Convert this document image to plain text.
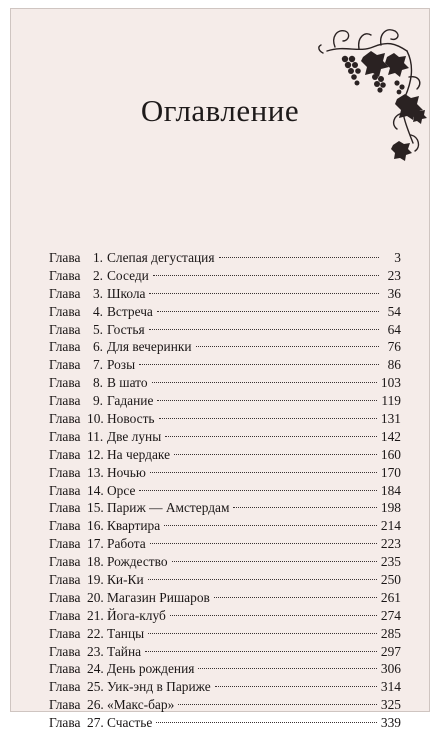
Оглавление
Глава 1. Слепая дегустация	3
Глава 2. Соседи	23
Глава 3. Школа	36
Глава 4. Встреча	54
Глава 5. Гостья	64
Глава 6. Для вечеринки	76
Глава 7. Розы	86
Глава 8. В шато	103
Глава 9. Гадание	119
Глава 10. Новость	131
Глава 11. Две луны	142
Глава 12. На чердаке	160
Глава 13. Ночью	170
Глава 14. Орсе	184
Глава 15. Париж — Амстердам	198
Глава 16. Квартира	214
Глава 17. Работа	223
Глава 18. Рождество	235
Глава 19. Ки-Ки	250
Глава 20. Магазин Ришаров	261
Глава 21. Йога-клуб	274
Глава 22. Танцы	285
Глава 23. Тайна	297
Глава 24. День рождения	306
Глава 25. Уик-энд в Париже	314
Глава 26. «Макс-бар»	325
Глава 27. Счастье	339
